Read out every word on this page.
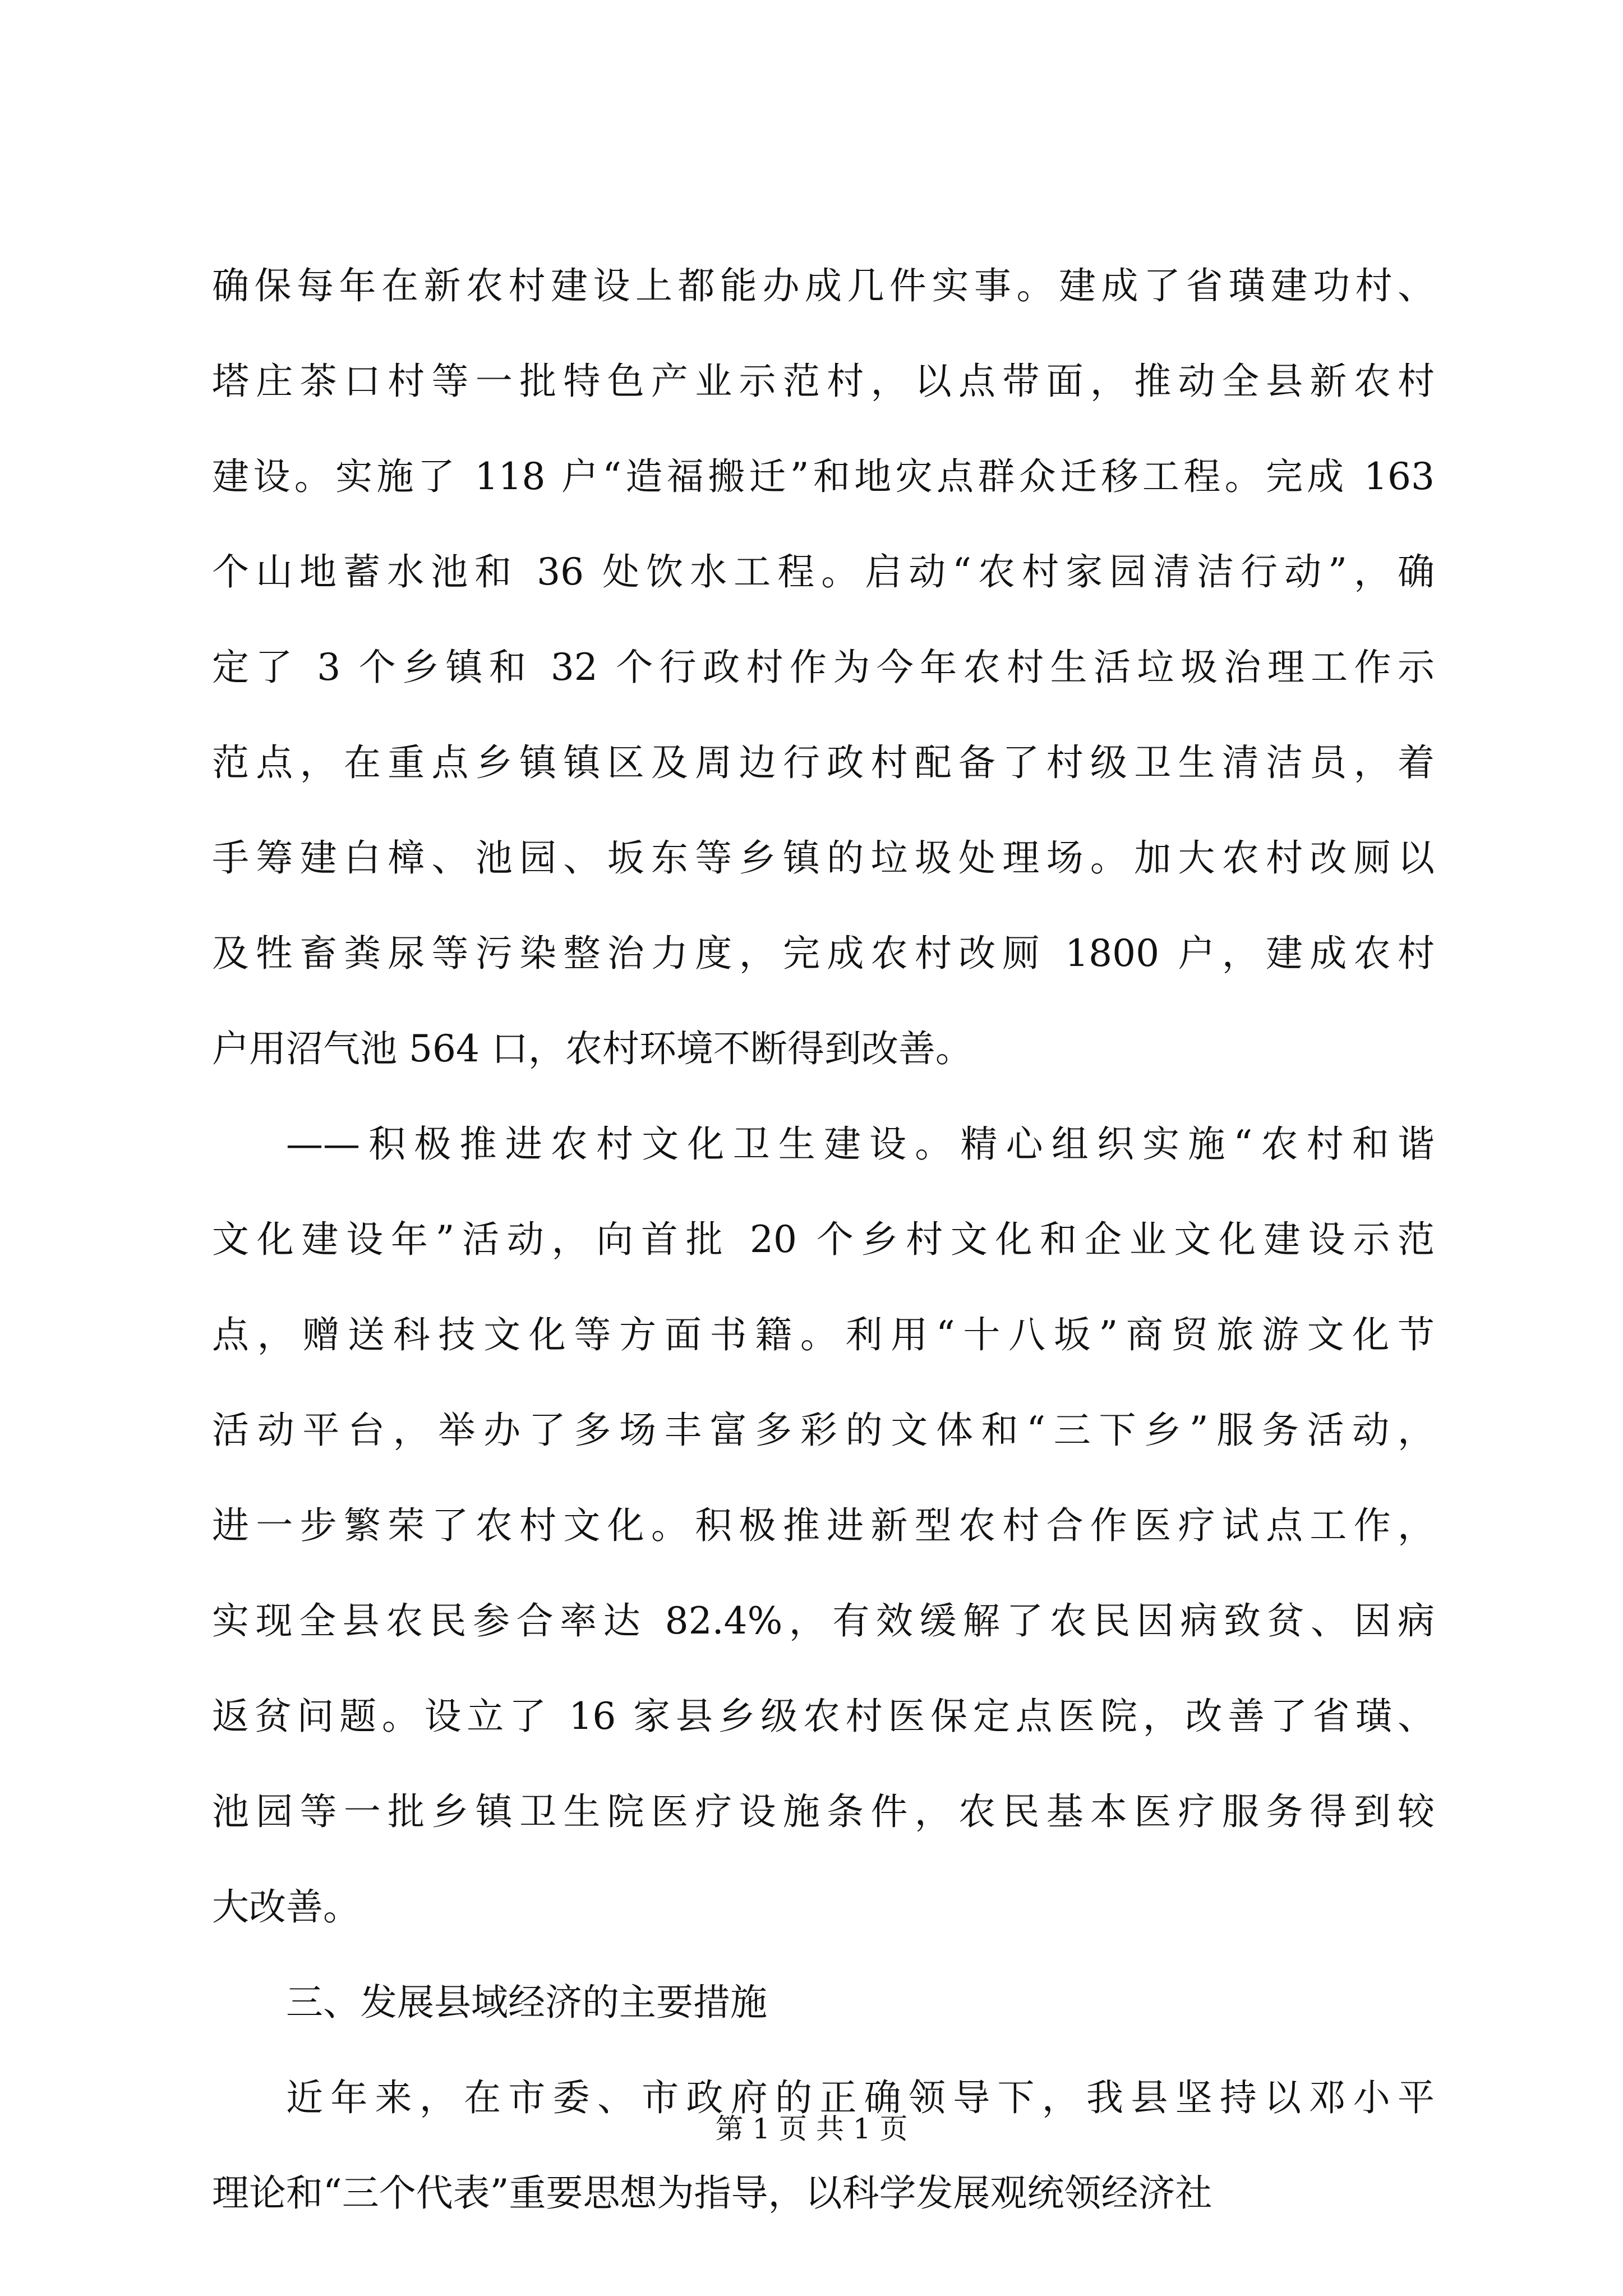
确保每年在新农村建设上都能办成几件实事。建成了省璜建功村、
塔庄茶口村等一批特色产业示范村，以点带面，推动全县新农村
建设。实施了 118 户“造福搬迁”和地灾点群众迁移工程。完成 163
个山地蓄水池和 36 处饮水工程。启动“农村家园清洁行动”，确
定了 3 个乡镇和 32 个行政村作为今年农村生活垃圾治理工作示
范点，在重点乡镇镇区及周边行政村配备了村级卫生清洁员，着
手筹建白樟、池园、坂东等乡镇的垃圾处理场。加大农村改厕以
及牲畜粪尿等污染整治力度，完成农村改厕 1800 户，建成农村
户用沼气池 564 口，农村环境不断得到改善。
——积极推进农村文化卫生建设。精心组织实施“农村和谐
文化建设年”活动，向首批 20 个乡村文化和企业文化建设示范
点，赠送科技文化等方面书籍。利用“十八坂”商贸旅游文化节
活动平台，举办了多场丰富多彩的文体和“三下乡”服务活动，
进一步繁荣了农村文化。积极推进新型农村合作医疗试点工作，
实现全县农民参合率达 82.4%，有效缓解了农民因病致贫、因病
返贫问题。设立了 16 家县乡级农村医保定点医院，改善了省璜、
池园等一批乡镇卫生院医疗设施条件，农民基本医疗服务得到较
大改善。
三、发展县域经济的主要措施
近年来，在市委、市政府的正确领导下，我县坚持以邓小平
理论和“三个代表”重要思想为指导，以科学发展观统领经济社
第 1 页 共 1 页
